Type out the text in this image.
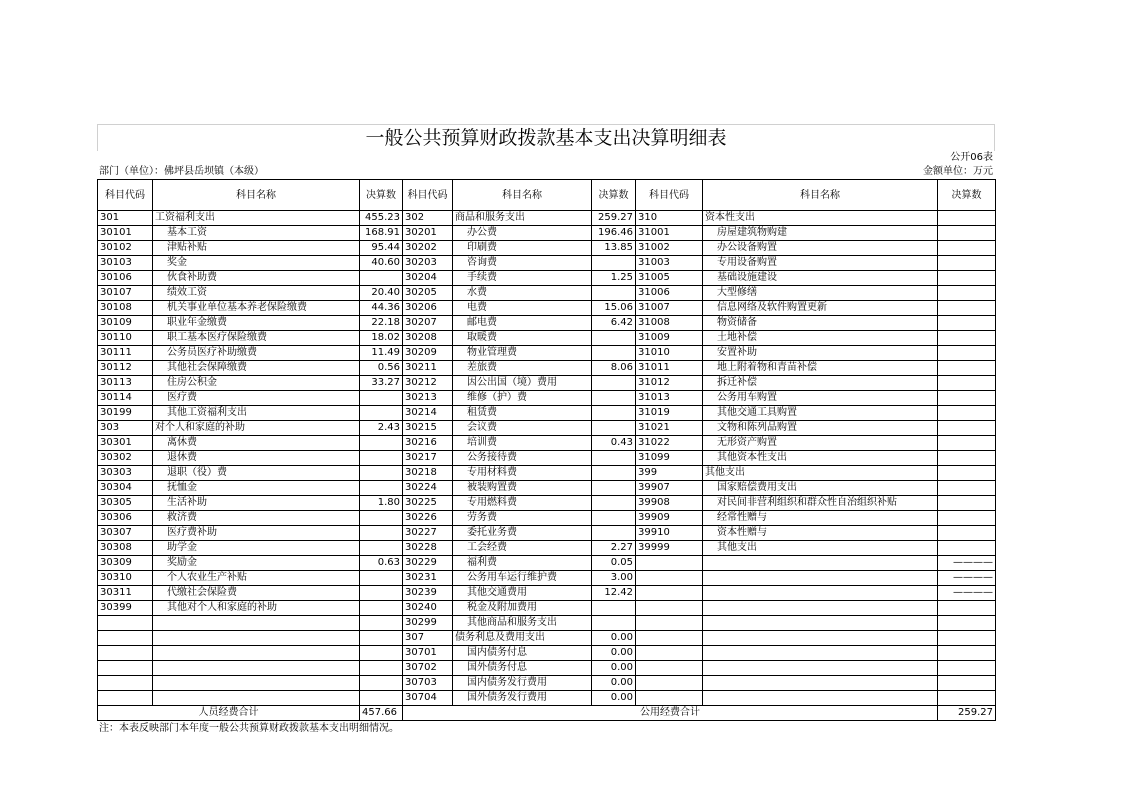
一般公共预算财政拨款基本支出决算明细表
公开06表
部门（单位）：佛坪县岳坝镇（本级）	金额单位：万元
科目代码	科目名称	决算数	科目代码	科目名称	决算数	科目代码	科目名称	决算数
301	工资福利支出	455.23	302	商品和服务支出	259.27	310	资本性支出	
30101	基本工资	168.91	30201	办公费	196.46	31001	房屋建筑物购建	
30102	津贴补贴	95.44	30202	印刷费	13.85	31002	办公设备购置	
30103	奖金	40.60	30203	咨询费		31003	专用设备购置	
30106	伙食补助费		30204	手续费	1.25	31005	基础设施建设	
30107	绩效工资	20.40	30205	水费		31006	大型修缮	
30108	机关事业单位基本养老保险缴费	44.36	30206	电费	15.06	31007	信息网络及软件购置更新	
30109	职业年金缴费	22.18	30207	邮电费	6.42	31008	物资储备	
30110	职工基本医疗保险缴费	18.02	30208	取暖费		31009	土地补偿	
30111	公务员医疗补助缴费	11.49	30209	物业管理费		31010	安置补助	
30112	其他社会保障缴费	0.56	30211	差旅费	8.06	31011	地上附着物和青苗补偿	
30113	住房公积金	33.27	30212	因公出国（境）费用		31012	拆迁补偿	
30114	医疗费		30213	维修（护）费		31013	公务用车购置	
30199	其他工资福利支出		30214	租赁费		31019	其他交通工具购置	
303	对个人和家庭的补助	2.43	30215	会议费		31021	文物和陈列品购置	
30301	离休费		30216	培训费	0.43	31022	无形资产购置	
30302	退休费		30217	公务接待费		31099	其他资本性支出	
30303	退职（役）费		30218	专用材料费		399	其他支出	
30304	抚恤金		30224	被装购置费		39907	国家赔偿费用支出	
30305	生活补助	1.80	30225	专用燃料费		39908	对民间非营利组织和群众性自治组织补贴	
30306	救济费		30226	劳务费		39909	经常性赠与	
30307	医疗费补助		30227	委托业务费		39910	资本性赠与	
30308	助学金		30228	工会经费	2.27	39999	其他支出	
30309	奖励金	0.63	30229	福利费	0.05			————
30310	个人农业生产补贴		30231	公务用车运行维护费	3.00			————
30311	代缴社会保险费		30239	其他交通费用	12.42			————
30399	其他对个人和家庭的补助		30240	税金及附加费用				
			30299	其他商品和服务支出				
			307	债务利息及费用支出	0.00			
			30701	国内债务付息	0.00			
			30702	国外债务付息	0.00			
			30703	国内债务发行费用	0.00			
			30704	国外债务发行费用	0.00			
人员经费合计		457.66	公用经费合计					259.27
注：本表反映部门本年度一般公共预算财政拨款基本支出明细情况。
